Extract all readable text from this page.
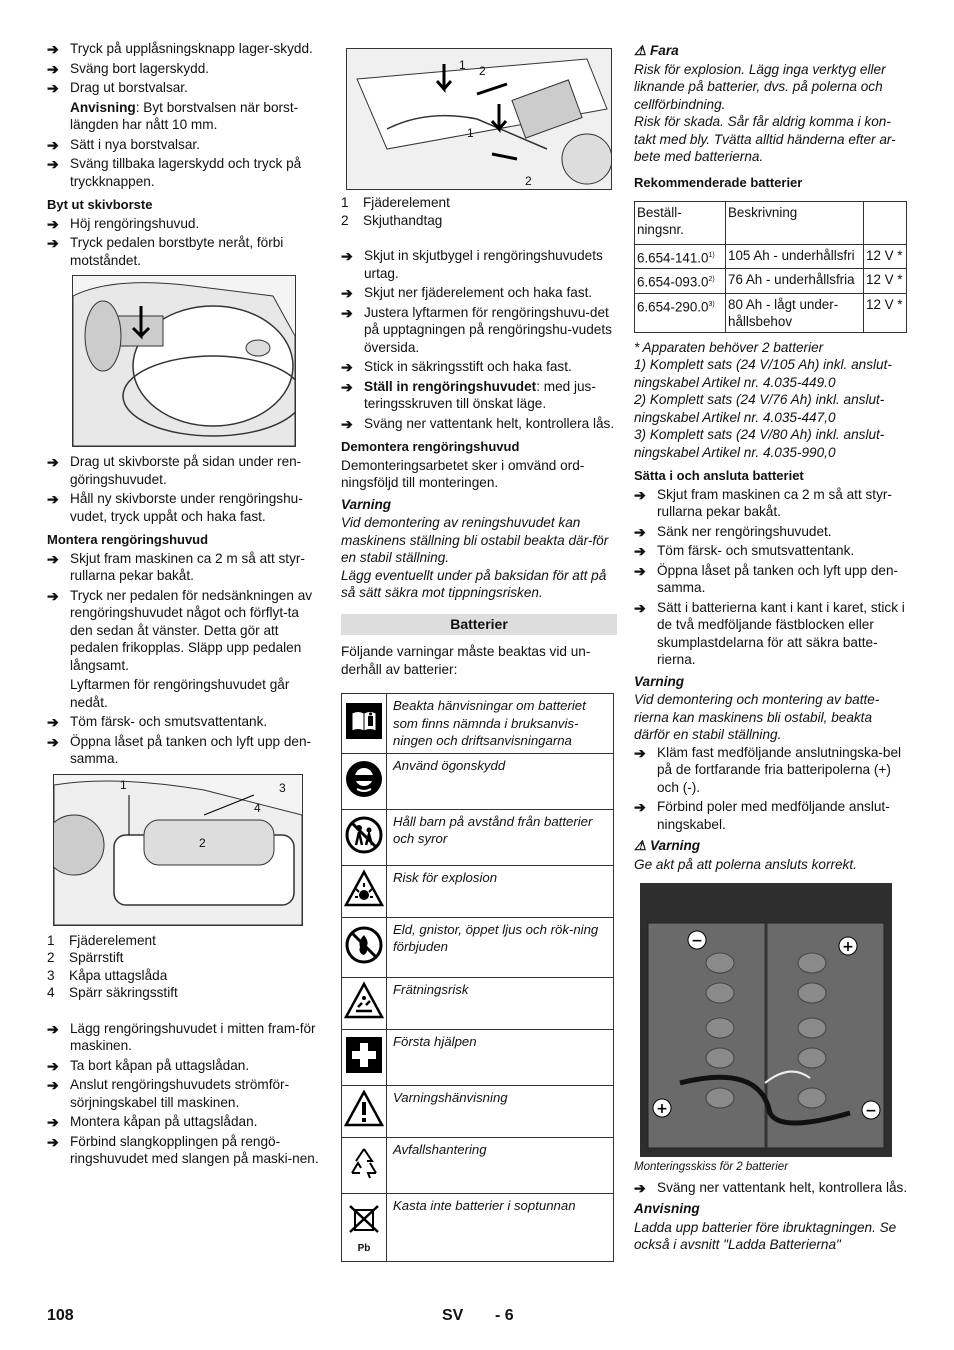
➔ Tryck på upplåsningsknapp lager-skydd.
➔ Sväng bort lagerskydd.
➔ Drag ut borstvalsar.
Anvisning: Byt borstvalsen när borst-längden har nått 10 mm.
➔ Sätt i nya borstvalsar.
➔ Sväng tillbaka lagerskydd och tryck på tryckknappen.
Byt ut skivborste
➔ Höj rengöringshuvud.
➔ Tryck pedalen borstbyte neråt, förbi motståndet.
➔ Drag ut skivborste på sidan under ren-göringshuvudet.
➔ Håll ny skivborste under rengöringshu-vudet, tryck uppåt och haka fast.
Montera rengöringshuvud
➔ Skjut fram maskinen ca 2 m så att styr-rullarna pekar bakåt.
➔ Tryck ner pedalen för nedsänkningen av rengöringshuvudet något och förflyt-ta den sedan åt vänster. Detta gör att pedalen frikopplas. Släpp upp pedalen långsamt.
Lyftarmen för rengöringshuvudet går nedåt.
➔ Töm färsk- och smutsvattentank.
➔ Öppna låset på tanken och lyft upp den-samma.
1	3
4
2
1 Fjäderelement
2 Spärrstift
3 Kåpa uttagslåda
4 Spärr säkringsstift
➔ Lägg rengöringshuvudet i mitten fram-för maskinen.
➔ Ta bort kåpan på uttagslådan.
➔ Anslut rengöringshuvudets strömför-sörjningskabel till maskinen.
➔ Montera kåpan på uttagslådan.
➔ Förbind slangkopplingen på rengö-ringshuvudet med slangen på maski-nen.
1 2
1
2
1 Fjäderelement
2 Skjuthandtag
➔ Skjut in skjutbygel i rengöringshuvudets urtag.
➔ Skjut ner fjäderelement och haka fast.
➔ Justera lyftarmen för rengöringshuvu-det på upptagningen på rengöringshu-vudets översida.
➔ Stick in säkringsstift och haka fast.
➔ Ställ in rengöringshuvudet: med jus-teringsskruven till önskat läge.
➔ Sväng ner vattentank helt, kontrollera lås.
Demontera rengöringshuvud
Demonteringsarbetet sker i omvänd ord-ningsföljd till monteringen.
Varning
Vid demontering av reningshuvudet kan maskinens ställning bli ostabil beakta där-för en stabil ställning.
Lägg eventuellt under på baksidan för att på så sätt säkra mot tippningsrisken.
Batterier
Följande varningar måste beaktas vid un-derhåll av batterier:
	Beakta hänvisningar om batteriet som finns nämnda i bruksanvis-ningen och driftsanvisningarna
	Använd ögonskydd
	Håll barn på avstånd från batterier och syror
	Risk för explosion
	Eld, gnistor, öppet ljus och rök-ning förbjuden
	Frätningsrisk
	Första hjälpen
	Varningshänvisning
	Avfallshantering

Pb	Kasta inte batterier i soptunnan
⚠ Fara
Risk för explosion. Lägg inga verktyg eller liknande på batterier, dvs. på polerna och cellförbindning.
Risk för skada. Sår får aldrig komma i kon-takt med bly. Tvätta alltid händerna efter ar-bete med batterierna.
Rekommenderade batterier
Beställ-ningsnr.	Beskrivning	
6.654-141.0$^{1)}$	105 Ah - underhållsfri	12 V *
6.654-093.0$^{2)}$	76 Ah - underhållsfria	12 V *
6.654-290.0$^{3)}$	80 Ah - lågt under-hållsbehov	12 V *
* Apparaten behöver 2 batterier
1) Komplett sats (24 V/105 Ah) inkl. anslut-ningskabel Artikel nr. 4.035-449.0
2) Komplett sats (24 V/76 Ah) inkl. anslut-ningskabel Artikel nr. 4.035-447,0
3) Komplett sats (24 V/80 Ah) inkl. anslut-ningskabel Artikel nr. 4.035-990,0
Sätta i och ansluta batteriet
➔ Skjut fram maskinen ca 2 m så att styr-rullarna pekar bakåt.
➔ Sänk ner rengöringshuvudet.
➔ Töm färsk- och smutsvattentank.
➔ Öppna låset på tanken och lyft upp den-samma.
➔ Sätt i batterierna kant i kant i karet, stick i de två medföljande fästblocken eller skumplastdelarna för att säkra batte-rierna.
Varning
Vid demontering och montering av batte-rierna kan maskinens bli ostabil, beakta därför en stabil ställning.
➔ Kläm fast medföljande anslutningska-bel på de fortfarande fria batteripolerna (+) och (-).
➔ Förbind poler med medföljande anslut-ningskabel.
⚠ Varning
Ge akt på att polerna ansluts korrekt.
−	+
+	−
Monteringsskiss för 2 batterier
➔ Sväng ner vattentank helt, kontrollera lås.
Anvisning
Ladda upp batterier före ibruktagningen. Se också i avsnitt "Ladda Batterierna"
108	SV - 6
